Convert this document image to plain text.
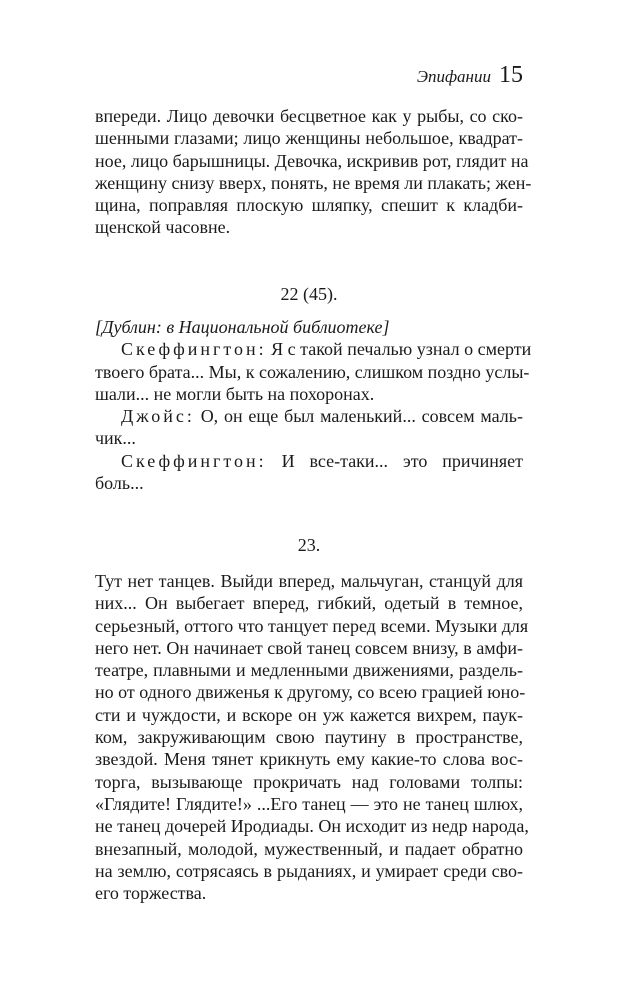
Эпифании 15
впереди. Лицо девочки бесцветное как у рыбы, со ско-
шенными глазами; лицо женщины небольшое, квадрат-
ное, лицо барышницы. Девочка, искривив рот, глядит на
женщину снизу вверх, понять, не время ли плакать; жен-
щина, поправляя плоскую шляпку, спешит к кладби-
щенской часовне.
22 (45).
[Дублин: в Национальной библиотеке]
Скеффингтон: Я с такой печалью узнал о смерти
твоего брата... Мы, к сожалению, слишком поздно услы-
шали... не могли быть на похоронах.
Джойс: О, он еще был маленький... совсем маль-
чик...
Скеффингтон: И все-таки... это причиняет
боль...
23.
Тут нет танцев. Выйди вперед, мальчуган, станцуй для
них... Он выбегает вперед, гибкий, одетый в темное,
серьезный, оттого что танцует перед всеми. Музыки для
него нет. Он начинает свой танец совсем внизу, в амфи-
театре, плавными и медленными движениями, раздель-
но от одного движенья к другому, со всею грацией юно-
сти и чуждости, и вскоре он уж кажется вихрем, паук-
ком, закруживающим свою паутину в пространстве,
звездой. Меня тянет крикнуть ему какие-то слова вос-
торга, вызывающе прокричать над головами толпы:
«Глядите! Глядите!» ...Его танец — это не танец шлюх,
не танец дочерей Иродиады. Он исходит из недр народа,
внезапный, молодой, мужественный, и падает обратно
на землю, сотрясаясь в рыданиях, и умирает среди сво-
его торжества.
